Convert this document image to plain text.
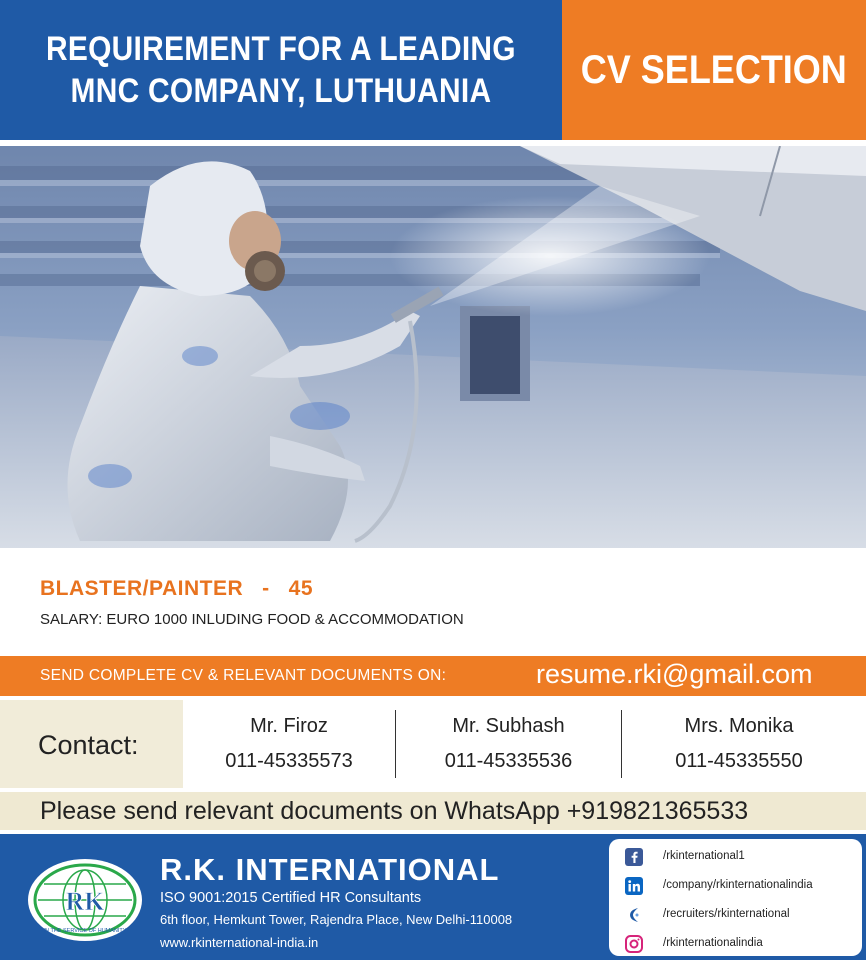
REQUIREMENT FOR A LEADING
MNC COMPANY, LUTHUANIA	CV SELECTION
BLASTER/PAINTER - 45
SALARY: EURO 1000 INLUDING FOOD & ACCOMMODATION
SEND COMPLETE CV & RELEVANT DOCUMENTS ON:	resume.rki@gmail.com
Contact:
Mr. Firoz
011-45335573
Mr. Subhash
011-45335536
Mrs. Monika
011-45335550
Please send relevant documents on WhatsApp +919821365533
RK
IN THE SERVICE OF HUMANITY
R.K. INTERNATIONAL
ISO 9001:2015 Certified HR Consultants
6th floor, Hemkunt Tower, Rajendra Place, New Delhi-110008
www.rkinternational-india.in
/rkinternational1
/company/rkinternationalindia
/recruiters/rkinternational
/rkinternationalindia
